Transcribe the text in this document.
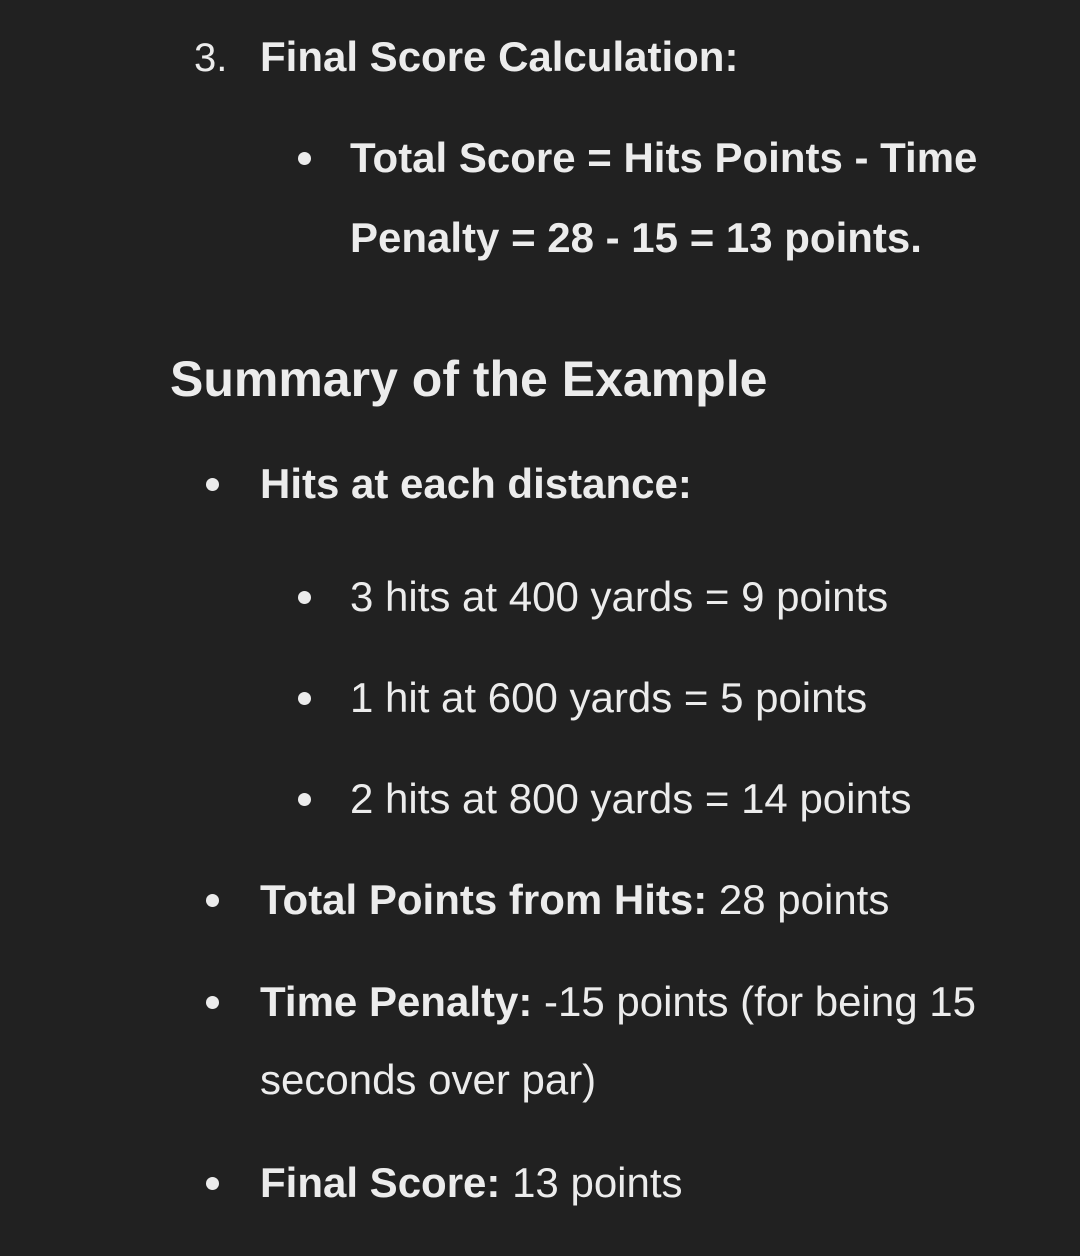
3. Final Score Calculation:
Total Score = Hits Points - Time
Penalty = 28 - 15 = 13 points.
Summary of the Example
Hits at each distance:
3 hits at 400 yards = 9 points
1 hit at 600 yards = 5 points
2 hits at 800 yards = 14 points
Total Points from Hits: 28 points
Time Penalty: -15 points (for being 15
seconds over par)
Final Score: 13 points
